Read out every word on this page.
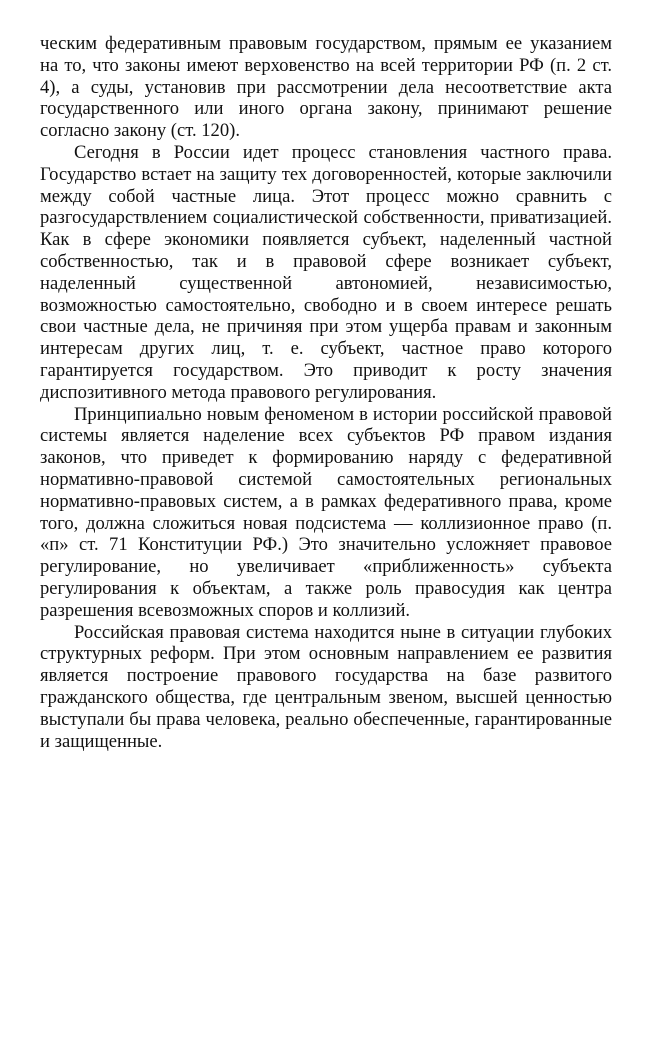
ческим федеративным правовым государством, прямым ее указанием на то, что законы имеют верховенство на всей территории РФ (п. 2 ст. 4), а суды, установив при рассмотрении дела несоответствие акта государственного или иного органа закону, принимают решение согласно закону (ст. 120).

Сегодня в России идет процесс становления частного права. Государство встает на защиту тех договоренностей, которые заключили между собой частные лица. Этот процесс можно сравнить с разгосударствлением социалистической собственности, приватизацией. Как в сфере экономики появляется субъект, наделенный частной собственностью, так и в правовой сфере возникает субъект, наделенный существенной автономией, независимостью, возможностью самостоятельно, свободно и в своем интересе решать свои частные дела, не причиняя при этом ущерба правам и законным интересам других лиц, т. е. субъект, частное право которого гарантируется государством. Это приводит к росту значения диспозитивного метода правового регулирования.

Принципиально новым феноменом в истории российской правовой системы является наделение всех субъектов РФ правом издания законов, что приведет к формированию наряду с федеративной нормативно-правовой системой самостоятельных региональных нормативно-правовых систем, а в рамках федеративного права, кроме того, должна сложиться новая подсистема — коллизионное право (п. «п» ст. 71 Конституции РФ.) Это значительно усложняет правовое регулирование, но увеличивает «приближенность» субъекта регулирования к объектам, а также роль правосудия как центра разрешения всевозможных споров и коллизий.

Российская правовая система находится ныне в ситуации глубоких структурных реформ. При этом основным направлением ее развития является построение правового государства на базе развитого гражданского общества, где центральным звеном, высшей ценностью выступали бы права человека, реально обеспеченные, гарантированные и защищенные.
